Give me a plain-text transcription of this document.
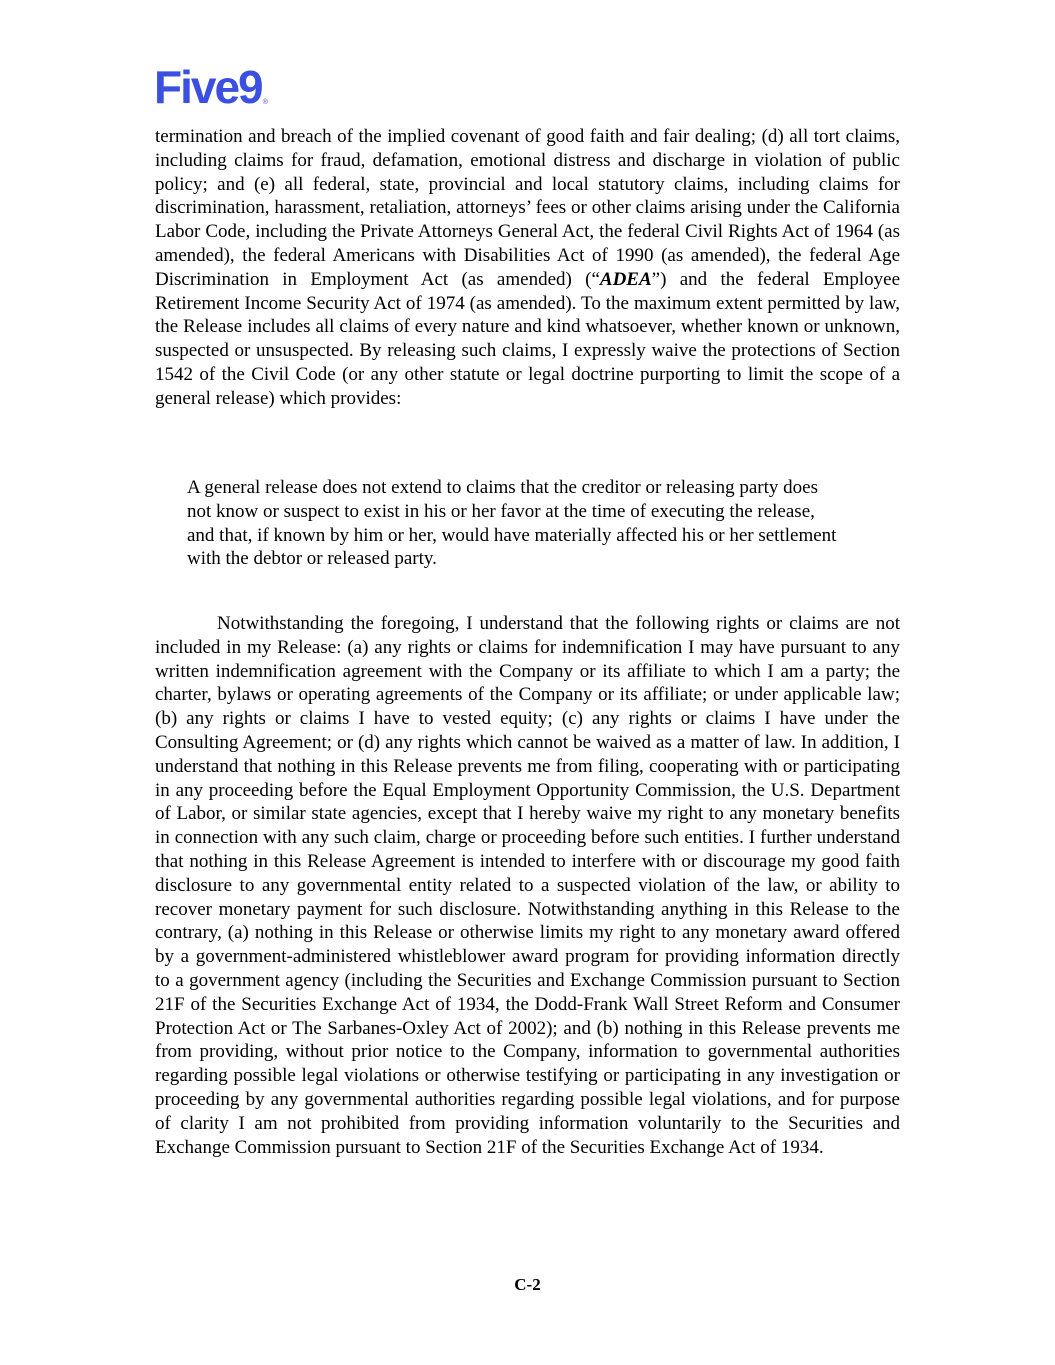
Five9 ®

termination and breach of the implied covenant of good faith and fair dealing; (d) all tort claims, including claims for fraud, defamation, emotional distress and discharge in violation of public policy; and (e) all federal, state, provincial and local statutory claims, including claims for discrimination, harassment, retaliation, attorneys’ fees or other claims arising under the California Labor Code, including the Private Attorneys General Act, the federal Civil Rights Act of 1964 (as amended), the federal Americans with Disabilities Act of 1990 (as amended), the federal Age Discrimination in Employment Act (as amended) (“ADEA”) and the federal Employee Retirement Income Security Act of 1974 (as amended). To the maximum extent permitted by law, the Release includes all claims of every nature and kind whatsoever, whether known or unknown, suspected or unsuspected. By releasing such claims, I expressly waive the protections of Section 1542 of the Civil Code (or any other statute or legal doctrine purporting to limit the scope of a general release) which provides:

A general release does not extend to claims that the creditor or releasing party does not know or suspect to exist in his or her favor at the time of executing the release, and that, if known by him or her, would have materially affected his or her settlement with the debtor or released party.

Notwithstanding the foregoing, I understand that the following rights or claims are not included in my Release: (a) any rights or claims for indemnification I may have pursuant to any written indemnification agreement with the Company or its affiliate to which I am a party; the charter, bylaws or operating agreements of the Company or its affiliate; or under applicable law; (b) any rights or claims I have to vested equity; (c) any rights or claims I have under the Consulting Agreement; or (d) any rights which cannot be waived as a matter of law. In addition, I understand that nothing in this Release prevents me from filing, cooperating with or participating in any proceeding before the Equal Employment Opportunity Commission, the U.S. Department of Labor, or similar state agencies, except that I hereby waive my right to any monetary benefits in connection with any such claim, charge or proceeding before such entities. I further understand that nothing in this Release Agreement is intended to interfere with or discourage my good faith disclosure to any governmental entity related to a suspected violation of the law, or ability to recover monetary payment for such disclosure. Notwithstanding anything in this Release to the contrary, (a) nothing in this Release or otherwise limits my right to any monetary award offered by a government-administered whistleblower award program for providing information directly to a government agency (including the Securities and Exchange Commission pursuant to Section 21F of the Securities Exchange Act of 1934, the Dodd-Frank Wall Street Reform and Consumer Protection Act or The Sarbanes-Oxley Act of 2002); and (b) nothing in this Release prevents me from providing, without prior notice to the Company, information to governmental authorities regarding possible legal violations or otherwise testifying or participating in any investigation or proceeding by any governmental authorities regarding possible legal violations, and for purpose of clarity I am not prohibited from providing information voluntarily to the Securities and Exchange Commission pursuant to Section 21F of the Securities Exchange Act of 1934.

C-2
